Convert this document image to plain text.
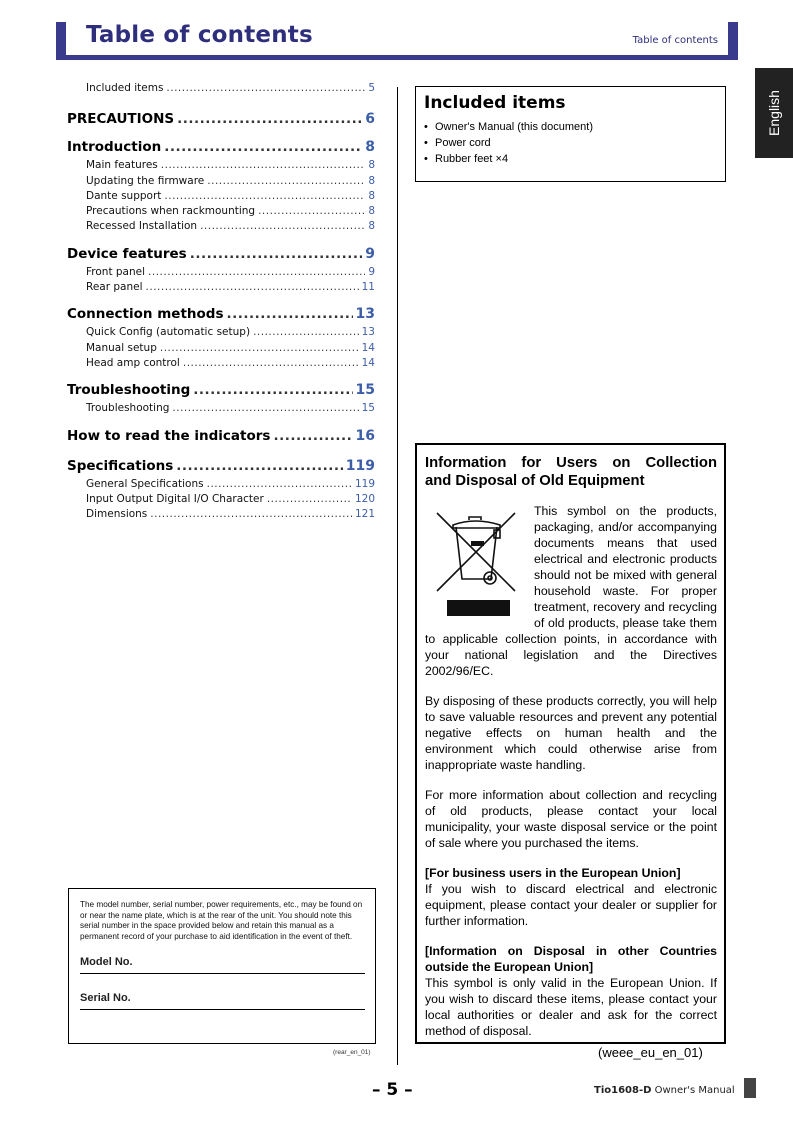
Table of contents	Table of contents
English
Included items .....	5
PRECAUTIONS .....	6
Introduction .....	8
Main features .....	8
Updating the firmware .....	8
Dante support .....	8
Precautions when rackmounting .....	8
Recessed Installation .....	8
Device features .....	9
Front panel .....	9
Rear panel .....	11
Connection methods .....	13
Quick Config (automatic setup) .....	13
Manual setup .....	14
Head amp control .....	14
Troubleshooting .....	15
Troubleshooting .....	15
How to read the indicators .....	16
Specifications .....	119
General Specifications .....	119
Input Output Digital I/O Character .....	120
Dimensions .....	121
Included items
• Owner's Manual (this document)
• Power cord
• Rubber feet ×4
Information for Users on Collection
and Disposal of Old Equipment

This symbol on the products, packaging, and/or accompanying documents means that used electrical and electronic products should not be mixed with general household waste. For proper treatment, recovery and recycling of old products, please take them to applicable collection points, in accordance with your national legislation and the Directives 2002/96/EC.

By disposing of these products correctly, you will help to save valuable resources and prevent any potential negative effects on human health and the environment which could otherwise arise from inappropriate waste handling.

For more information about collection and recycling of old products, please contact your local municipality, your waste disposal service or the point of sale where you purchased the items.

[For business users in the European Union]
If you wish to discard electrical and electronic equipment, please contact your dealer or supplier for further information.

[Information on Disposal in other Countries outside the European Union]
This symbol is only valid in the European Union. If you wish to discard these items, please contact your local authorities or dealer and ask for the correct method of disposal.

(weee_eu_en_01)

The model number, serial number, power requirements, etc., may be found on or near the name plate, which is at the rear of the unit. You should note this serial number in the space provided below and retain this manual as a permanent record of your purchase to aid identification in the event of theft.

Model No.
Serial No.
(rear_en_01)
– 5 –	Tio1608-D Owner's Manual
